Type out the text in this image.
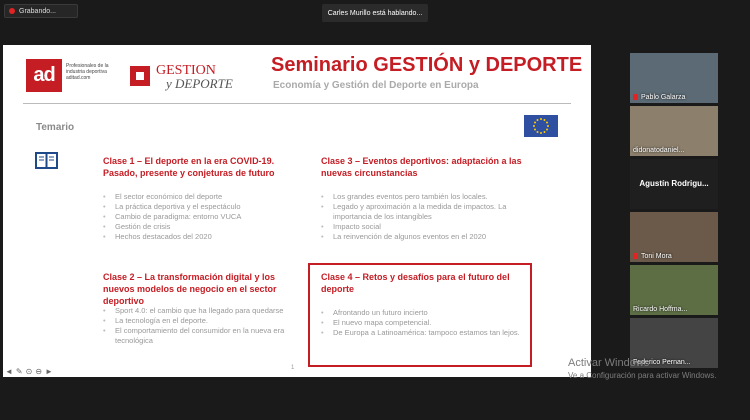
Grabando...	Carles Murillo está hablando...
ad	Profesionales de la industria deportiva
aditad.com	GESTION
y DEPORTE
Seminario GESTIÓN y DEPORTE
Economía y Gestión del Deporte en Europa
Temario
Clase 1 – El deporte en la era COVID-19. Pasado, presente y conjeturas de futuro
• El sector económico del deporte
• La práctica deportiva y el espectáculo
• Cambio de paradigma: entorno VUCA
• Gestión de crisis
• Hechos destacados del 2020
Clase 3 – Eventos deportivos: adaptación a las nuevas circunstancias
• Los grandes eventos pero también los locales.
• Legado y aproximación a la medida de impactos. La importancia de los intangibles
• Impacto social
• La reinvención de algunos eventos en el 2020
Clase 2 – La transformación digital y los nuevos modelos de negocio en el sector deportivo
• Sport 4.0: el cambio que ha llegado para quedarse
• La tecnología en el deporte.
• El comportamiento del consumidor en la nueva era tecnológica
Clase 4 – Retos y desafíos para el futuro del deporte
• Afrontando un futuro incierto
• El nuevo mapa competencial.
• De Europa a Latinoamérica: tampoco estamos tan lejos.
1
◄ ✎ ⊙ ⊖ ►
Pablo Galarza
didonatodaniel...
Agustín Rodrigu...
Toni Mora
Ricardo Hoffma...
Federico Pernan...
Activar Windows
Ve a Configuración para activar Windows.
